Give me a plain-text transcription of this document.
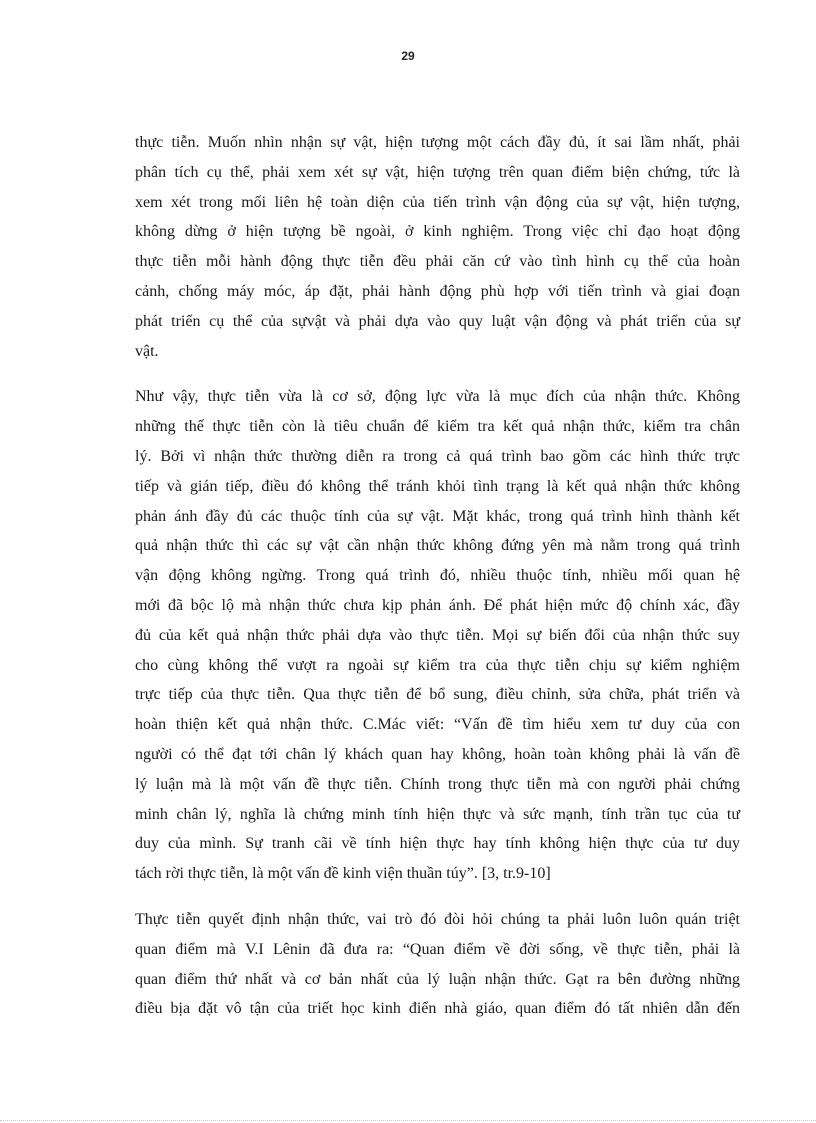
29
thực tiễn. Muốn nhìn nhận sự vật, hiện tượng một cách đầy đủ, ít sai lầm nhất, phải
phân tích cụ thể, phải xem xét sự vật, hiện tượng trên quan điểm biện chứng, tức là
xem xét trong mối liên hệ toàn diện của tiến trình vận động của sự vật, hiện tượng,
không dừng ở hiện tượng bề ngoài, ở kinh nghiệm. Trong việc chỉ đạo hoạt động
thực tiễn mỗi hành động thực tiễn đều phải căn cứ vào tình hình cụ thể của hoàn
cảnh, chống máy móc, áp đặt, phải hành động phù hợp với tiến trình và giai đoạn
phát triển cụ thể của sựvật và phải dựa vào quy luật vận động và phát triển của sự
vật.
Như vậy, thực tiễn vừa là cơ sở, động lực vừa là mục đích của nhận thức. Không
những thế thực tiễn còn là tiêu chuẩn để kiểm tra kết quả nhận thức, kiểm tra chân
lý. Bởi vì nhận thức thường diễn ra trong cả quá trình bao gồm các hình thức trực
tiếp và gián tiếp, điều đó không thể tránh khỏi tình trạng là kết quả nhận thức không
phản ánh đầy đủ các thuộc tính của sự vật. Mặt khác, trong quá trình hình thành kết
quả nhận thức thì các sự vật cần nhận thức không đứng yên mà nằm trong quá trình
vận động không ngừng. Trong quá trình đó, nhiều thuộc tính, nhiều mối quan hệ
mới đã bộc lộ mà nhận thức chưa kịp phản ánh. Để phát hiện mức độ chính xác, đầy
đủ của kết quả nhận thức phải dựa vào thực tiễn. Mọi sự biến đổi của nhận thức suy
cho cùng không thể vượt ra ngoài sự kiểm tra của thực tiễn chịu sự kiểm nghiệm
trực tiếp của thực tiễn. Qua thực tiễn để bổ sung, điều chỉnh, sửa chữa, phát triển và
hoàn thiện kết quả nhận thức. C.Mác viết: “Vấn đề tìm hiểu xem tư duy của con
người có thể đạt tới chân lý khách quan hay không, hoàn toàn không phải là vấn đề
lý luận mà là một vấn đề thực tiễn. Chính trong thực tiễn mà con người phải chứng
minh chân lý, nghĩa là chứng minh tính hiện thực và sức mạnh, tính trần tục của tư
duy của mình. Sự tranh cãi về tính hiện thực hay tính không hiện thực của tư duy
tách rời thực tiễn, là một vấn đề kinh viện thuần túy”. [3, tr.9-10]
Thực tiễn quyết định nhận thức, vai trò đó đòi hỏi chúng ta phải luôn luôn quán triệt
quan điểm mà V.I Lênin đã đưa ra: “Quan điểm về đời sống, về thực tiễn, phải là
quan điểm thứ nhất và cơ bản nhất của lý luận nhận thức. Gạt ra bên đường những
điều bịa đặt vô tận của triết học kinh điển nhà giáo, quan điểm đó tất nhiên dẫn đến
